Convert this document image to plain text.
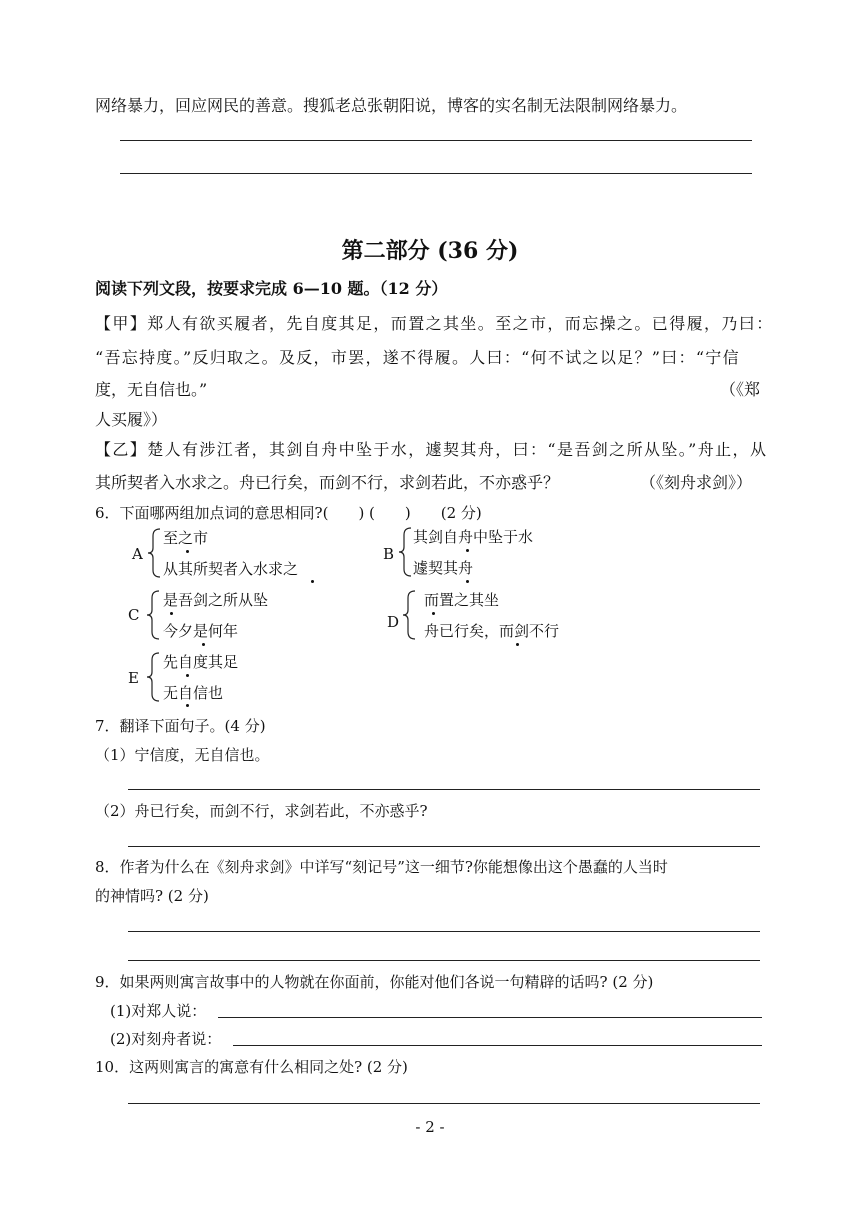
网络暴力，回应网民的善意。搜狐老总张朝阳说，博客的实名制无法限制网络暴力。
第二部分 (36 分)
阅读下列文段，按要求完成 6—10 题。（12 分）
【甲】郑人有欲买履者，先自度其足，而置之其坐。至之市，而忘操之。已得履，乃曰：
“吾忘持度。”反归取之。及反，市罢，遂不得履。人曰：“何不试之以足？”曰：“宁信
度，无自信也。”	（《郑
人买履》）
【乙】楚人有涉江者，其剑自舟中坠于水，遽契其舟，曰：“是吾剑之所从坠。”舟止，从
其所契者入水求之。舟已行矣，而剑不行，求剑若此，不亦惑乎？	（《刻舟求剑》）
6．下面哪两组加点词的意思相同?(　　) (　　)　　(2 分)
A
至之市
从其所契者入水求之
B
其剑自舟中坠于水
遽契其舟
C
是吾剑之所从坠
今夕是何年	D
而置之其坐
舟已行矣，而剑不行
E
先自度其足
无自信也
7．翻译下面句子。(4 分)
（1）宁信度，无自信也。
（2）舟已行矣，而剑不行，求剑若此，不亦惑乎?
8．作者为什么在《刻舟求剑》中详写“刻记号”这一细节?你能想像出这个愚蠢的人当时
的神情吗? (2 分)
9．如果两则寓言故事中的人物就在你面前，你能对他们各说一句精辟的话吗? (2 分)
(1)对郑人说：
(2)对刻舟者说：
10．这两则寓言的寓意有什么相同之处? (2 分)
- 2 -
